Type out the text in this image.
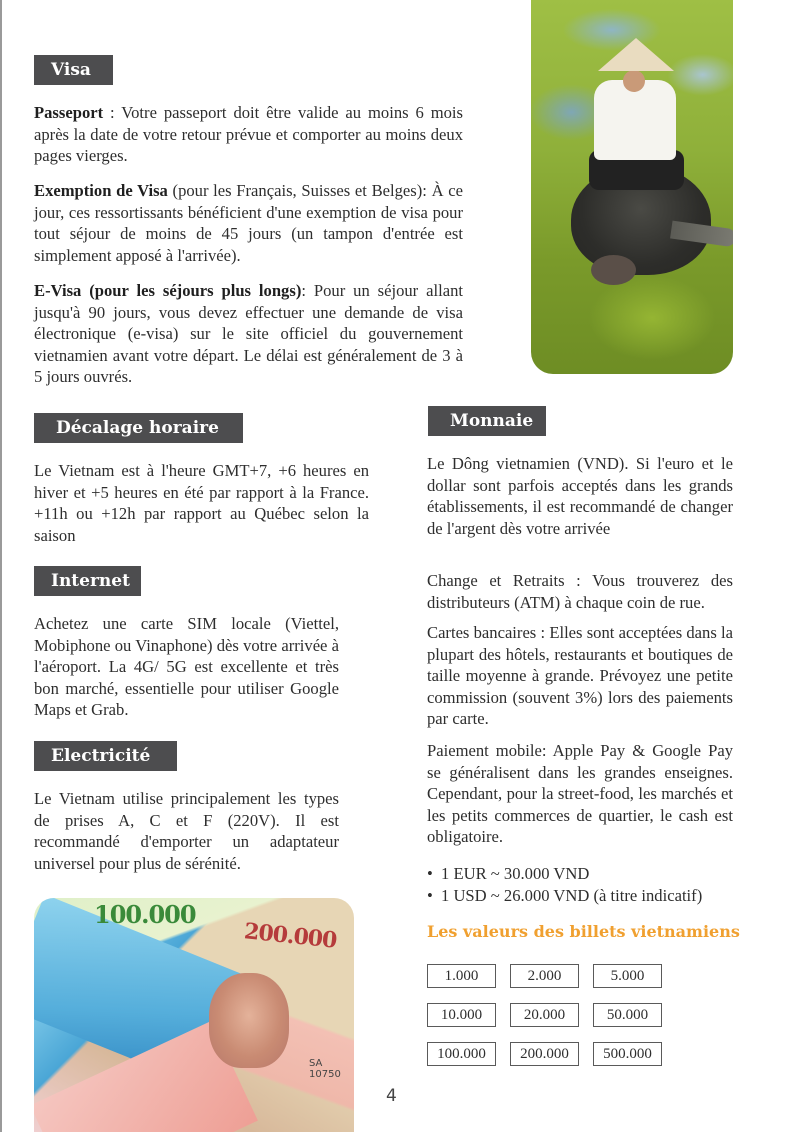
Visa

Passeport : Votre passeport doit être valide au moins 6 mois après la date de votre retour prévue et comporter au moins deux pages vierges.

Exemption de Visa (pour les Français, Suisses et Belges): À ce jour, ces ressortissants bénéficient d'une exemption de visa pour tout séjour de moins de 45 jours (un tampon d'entrée est simplement apposé à l'arrivée).

E-Visa (pour les séjours plus longs): Pour un séjour allant jusqu'à 90 jours, vous devez effectuer une demande de visa électronique (e-visa) sur le site officiel du gouvernement vietnamien avant votre départ. Le délai est généralement de 3 à 5 jours ouvrés.

Décalage horaire

Le Vietnam est à l'heure GMT+7, +6 heures en hiver et +5 heures en été par rapport à la France. +11h ou +12h par rapport au Québec selon la saison

Internet

Achetez une carte SIM locale (Viettel, Mobiphone ou Vinaphone) dès votre arrivée à l'aéroport. La 4G/ 5G est excellente et très bon marché, essentielle pour utiliser Google Maps et Grab.

Electricité

Le Vietnam utilise principalement les types de prises A, C et F (220V). Il est recommandé d'emporter un adaptateur universel pour plus de sérénité.

100.000
200.000
SA 10750
Monnaie

Le Dông vietnamien (VND). Si l'euro et le dollar sont parfois acceptés dans les grands établissements, il est recommandé de changer de l'argent dès votre arrivée

Change et Retraits : Vous trouverez des distributeurs (ATM) à chaque coin de rue.

Cartes bancaires : Elles sont acceptées dans la plupart des hôtels, restaurants et boutiques de taille moyenne à grande. Prévoyez une petite commission (souvent 3%) lors des paiements par carte.

Paiement mobile: Apple Pay & Google Pay se généralisent dans les grandes enseignes. Cependant, pour la street-food, les marchés et les petits commerces de quartier, le cash est obligatoire.

• 1 EUR ~ 30.000 VND
• 1 USD ~ 26.000 VND (à titre indicatif)
Les valeurs des billets vietnamiens
1.000	2.000	5.000
10.000	20.000	50.000
100.000	200.000	500.000
4
